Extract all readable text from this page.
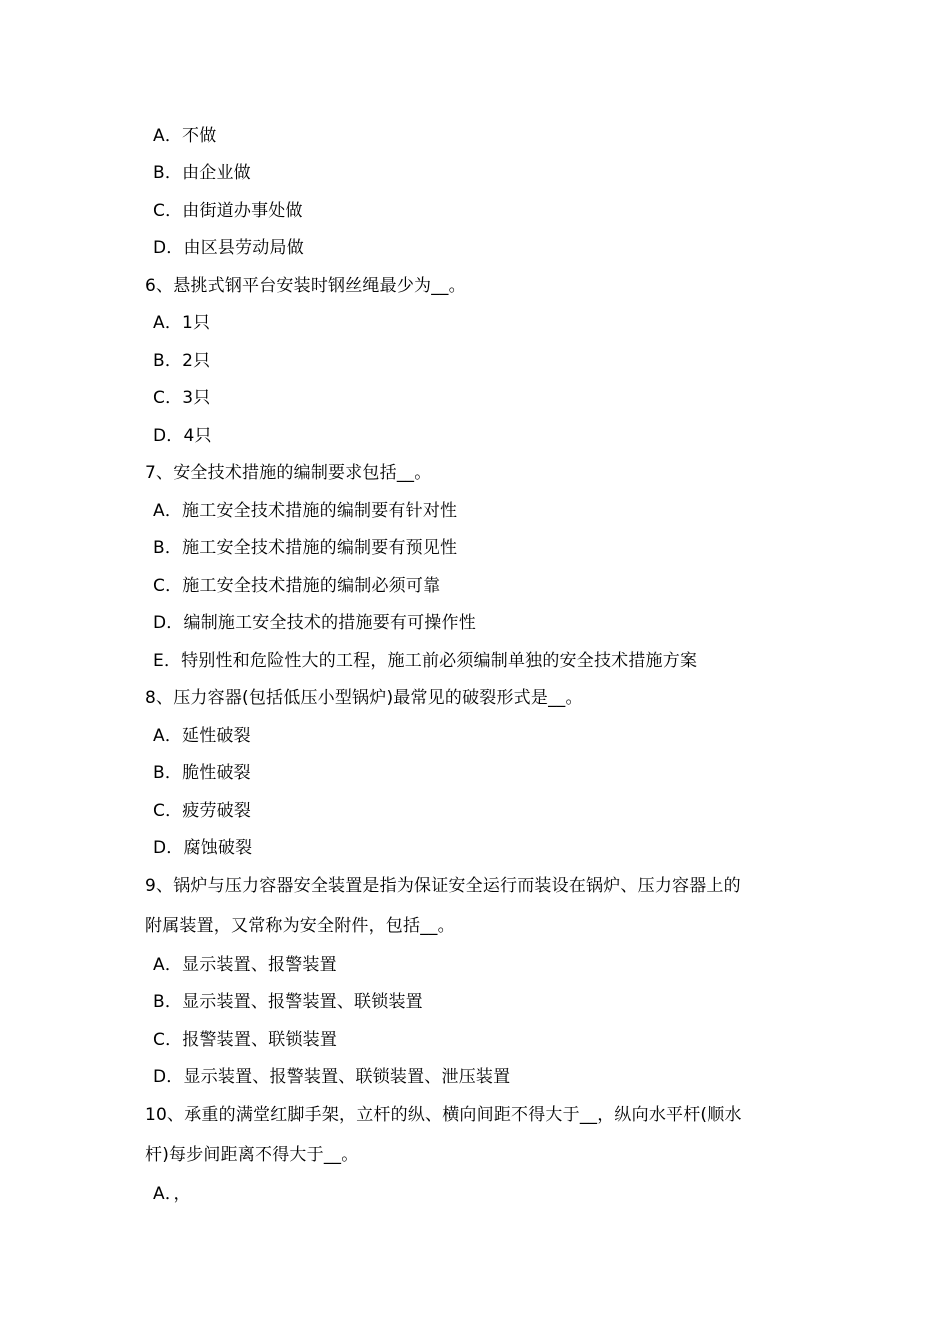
A．不做
B．由企业做
C．由街道办事处做
D．由区县劳动局做
6、悬挑式钢平台安装时钢丝绳最少为__。
A．1只
B．2只
C．3只
D．4只
7、安全技术措施的编制要求包括__。
A．施工安全技术措施的编制要有针对性
B．施工安全技术措施的编制要有预见性
C．施工安全技术措施的编制必须可靠
D．编制施工安全技术的措施要有可操作性
E．特别性和危险性大的工程，施工前必须编制单独的安全技术措施方案
8、压力容器(包括低压小型锅炉)最常见的破裂形式是__。
A．延性破裂
B．脆性破裂
C．疲劳破裂
D．腐蚀破裂
9、锅炉与压力容器安全装置是指为保证安全运行而装设在锅炉、压力容器上的
附属装置，又常称为安全附件，包括__。
A．显示装置、报警装置
B．显示装置、报警装置、联锁装置
C．报警装置、联锁装置
D．显示装置、报警装置、联锁装置、泄压装置
10、承重的满堂红脚手架，立杆的纵、横向间距不得大于__，纵向水平杆(顺水
杆)每步间距离不得大于__。
A．，
